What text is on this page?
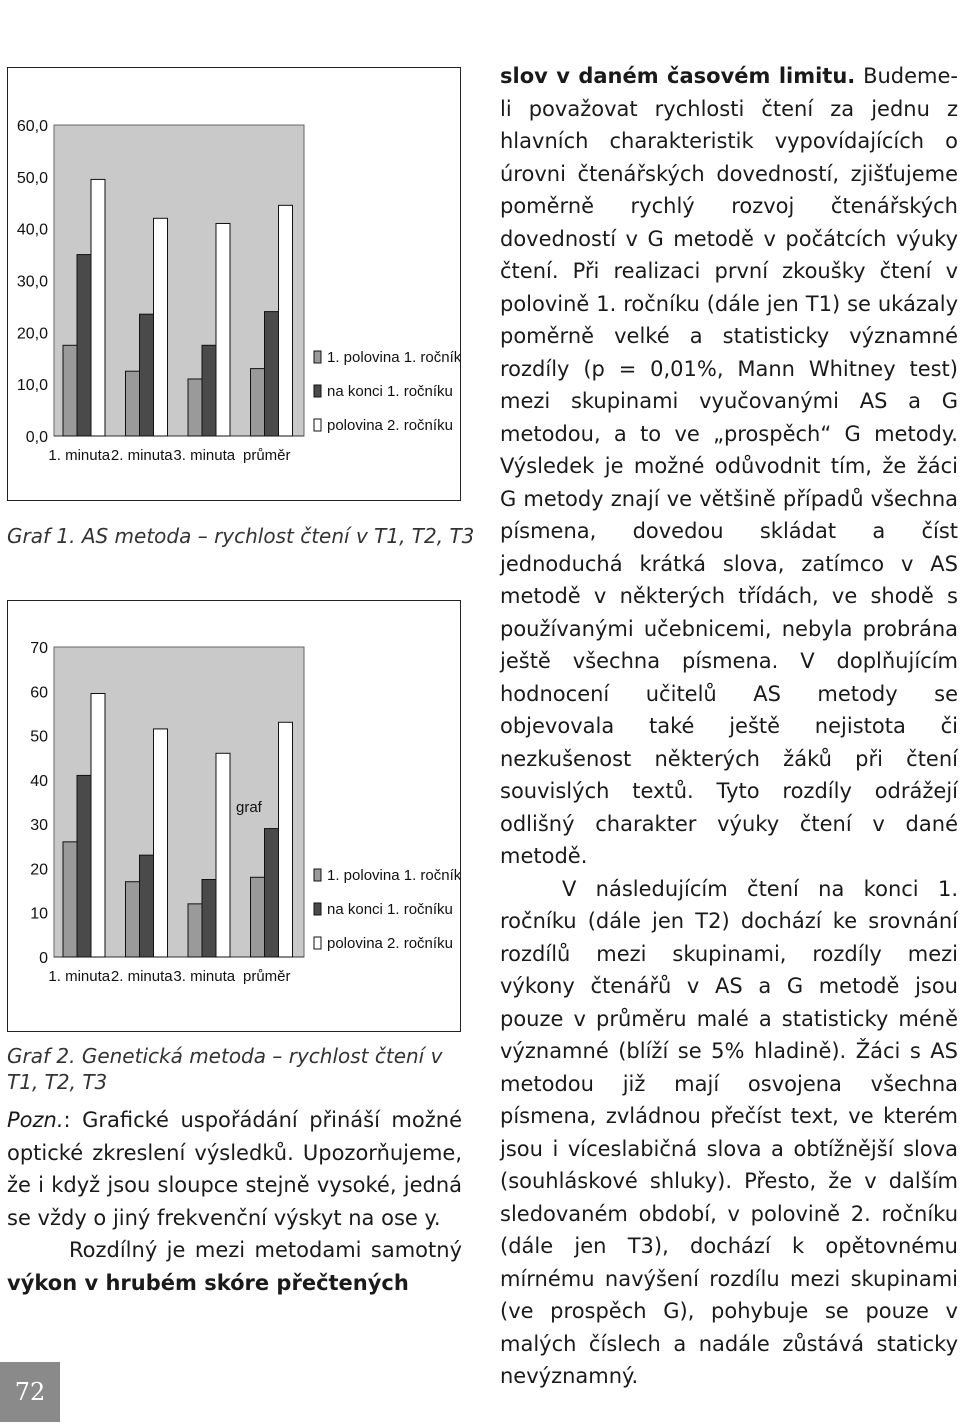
0,0
10,0
20,0
30,0
40,0
50,0
60,0
1. minuta 2. minuta 3. minuta průměr
1. polovina 1. ročníku
na konci 1. ročníku
polovina 2. ročníku

Graf 1. AS metoda – rychlost čtení v T1, T2, T3

0
10
20
30
40
50
60
70
1. minuta 2. minuta 3. minuta průměr
graf
1. polovina 1. ročníku
na konci 1. ročníku
polovina 2. ročníku

Graf 2. Genetická metoda – rychlost čtení v T1, T2, T3

Pozn.: Grafické uspořádání přináší možné optické zkreslení výsledků. Upozorňujeme, že i když jsou sloupce stejně vysoké, jedná se vždy o jiný frekvenční výskyt na ose y.

Rozdílný je mezi metodami samotný výkon v hrubém skóre přečtených

slov v daném časovém limitu. Budeme-li považovat rychlosti čtení za jednu z hlavních charakteristik vypovídajících o úrovni čtenářských dovedností, zjišťujeme poměrně rychlý rozvoj čtenářských dovedností v G metodě v počátcích výuky čtení. Při realizaci první zkoušky čtení v polovině 1. ročníku (dále jen T1) se ukázaly poměrně velké a statisticky významné rozdíly (p = 0,01%, Mann Whitney test) mezi skupinami vyučovanými AS a G metodou, a to ve „prospěch“ G metody. Výsledek je možné odůvodnit tím, že žáci G metody znají ve většině případů všechna písmena, dovedou skládat a číst jednoduchá krátká slova, zatímco v AS metodě v některých třídách, ve shodě s používanými učebnicemi, nebyla probrána ještě všechna písmena. V doplňujícím hodnocení učitelů AS metody se objevovala také ještě nejistota či nezkušenost některých žáků při čtení souvislých textů. Tyto rozdíly odrážejí odlišný charakter výuky čtení v dané metodě.

V následujícím čtení na konci 1. ročníku (dále jen T2) dochází ke srovnání rozdílů mezi skupinami, rozdíly mezi výkony čtenářů v AS a G metodě jsou pouze v průměru malé a statisticky méně významné (blíží se 5% hladině). Žáci s AS metodou již mají osvojena všechna písmena, zvládnou přečíst text, ve kterém jsou i víceslabičná slova a obtížnější slova (souhláskové shluky). Přesto, že v dalším sledovaném období, v polovině 2. ročníku (dále jen T3), dochází k opětovnému mírnému navýšení rozdílu mezi skupinami (ve prospěch G), pohybuje se pouze v malých číslech a nadále zůstává staticky nevýznamný.

72
